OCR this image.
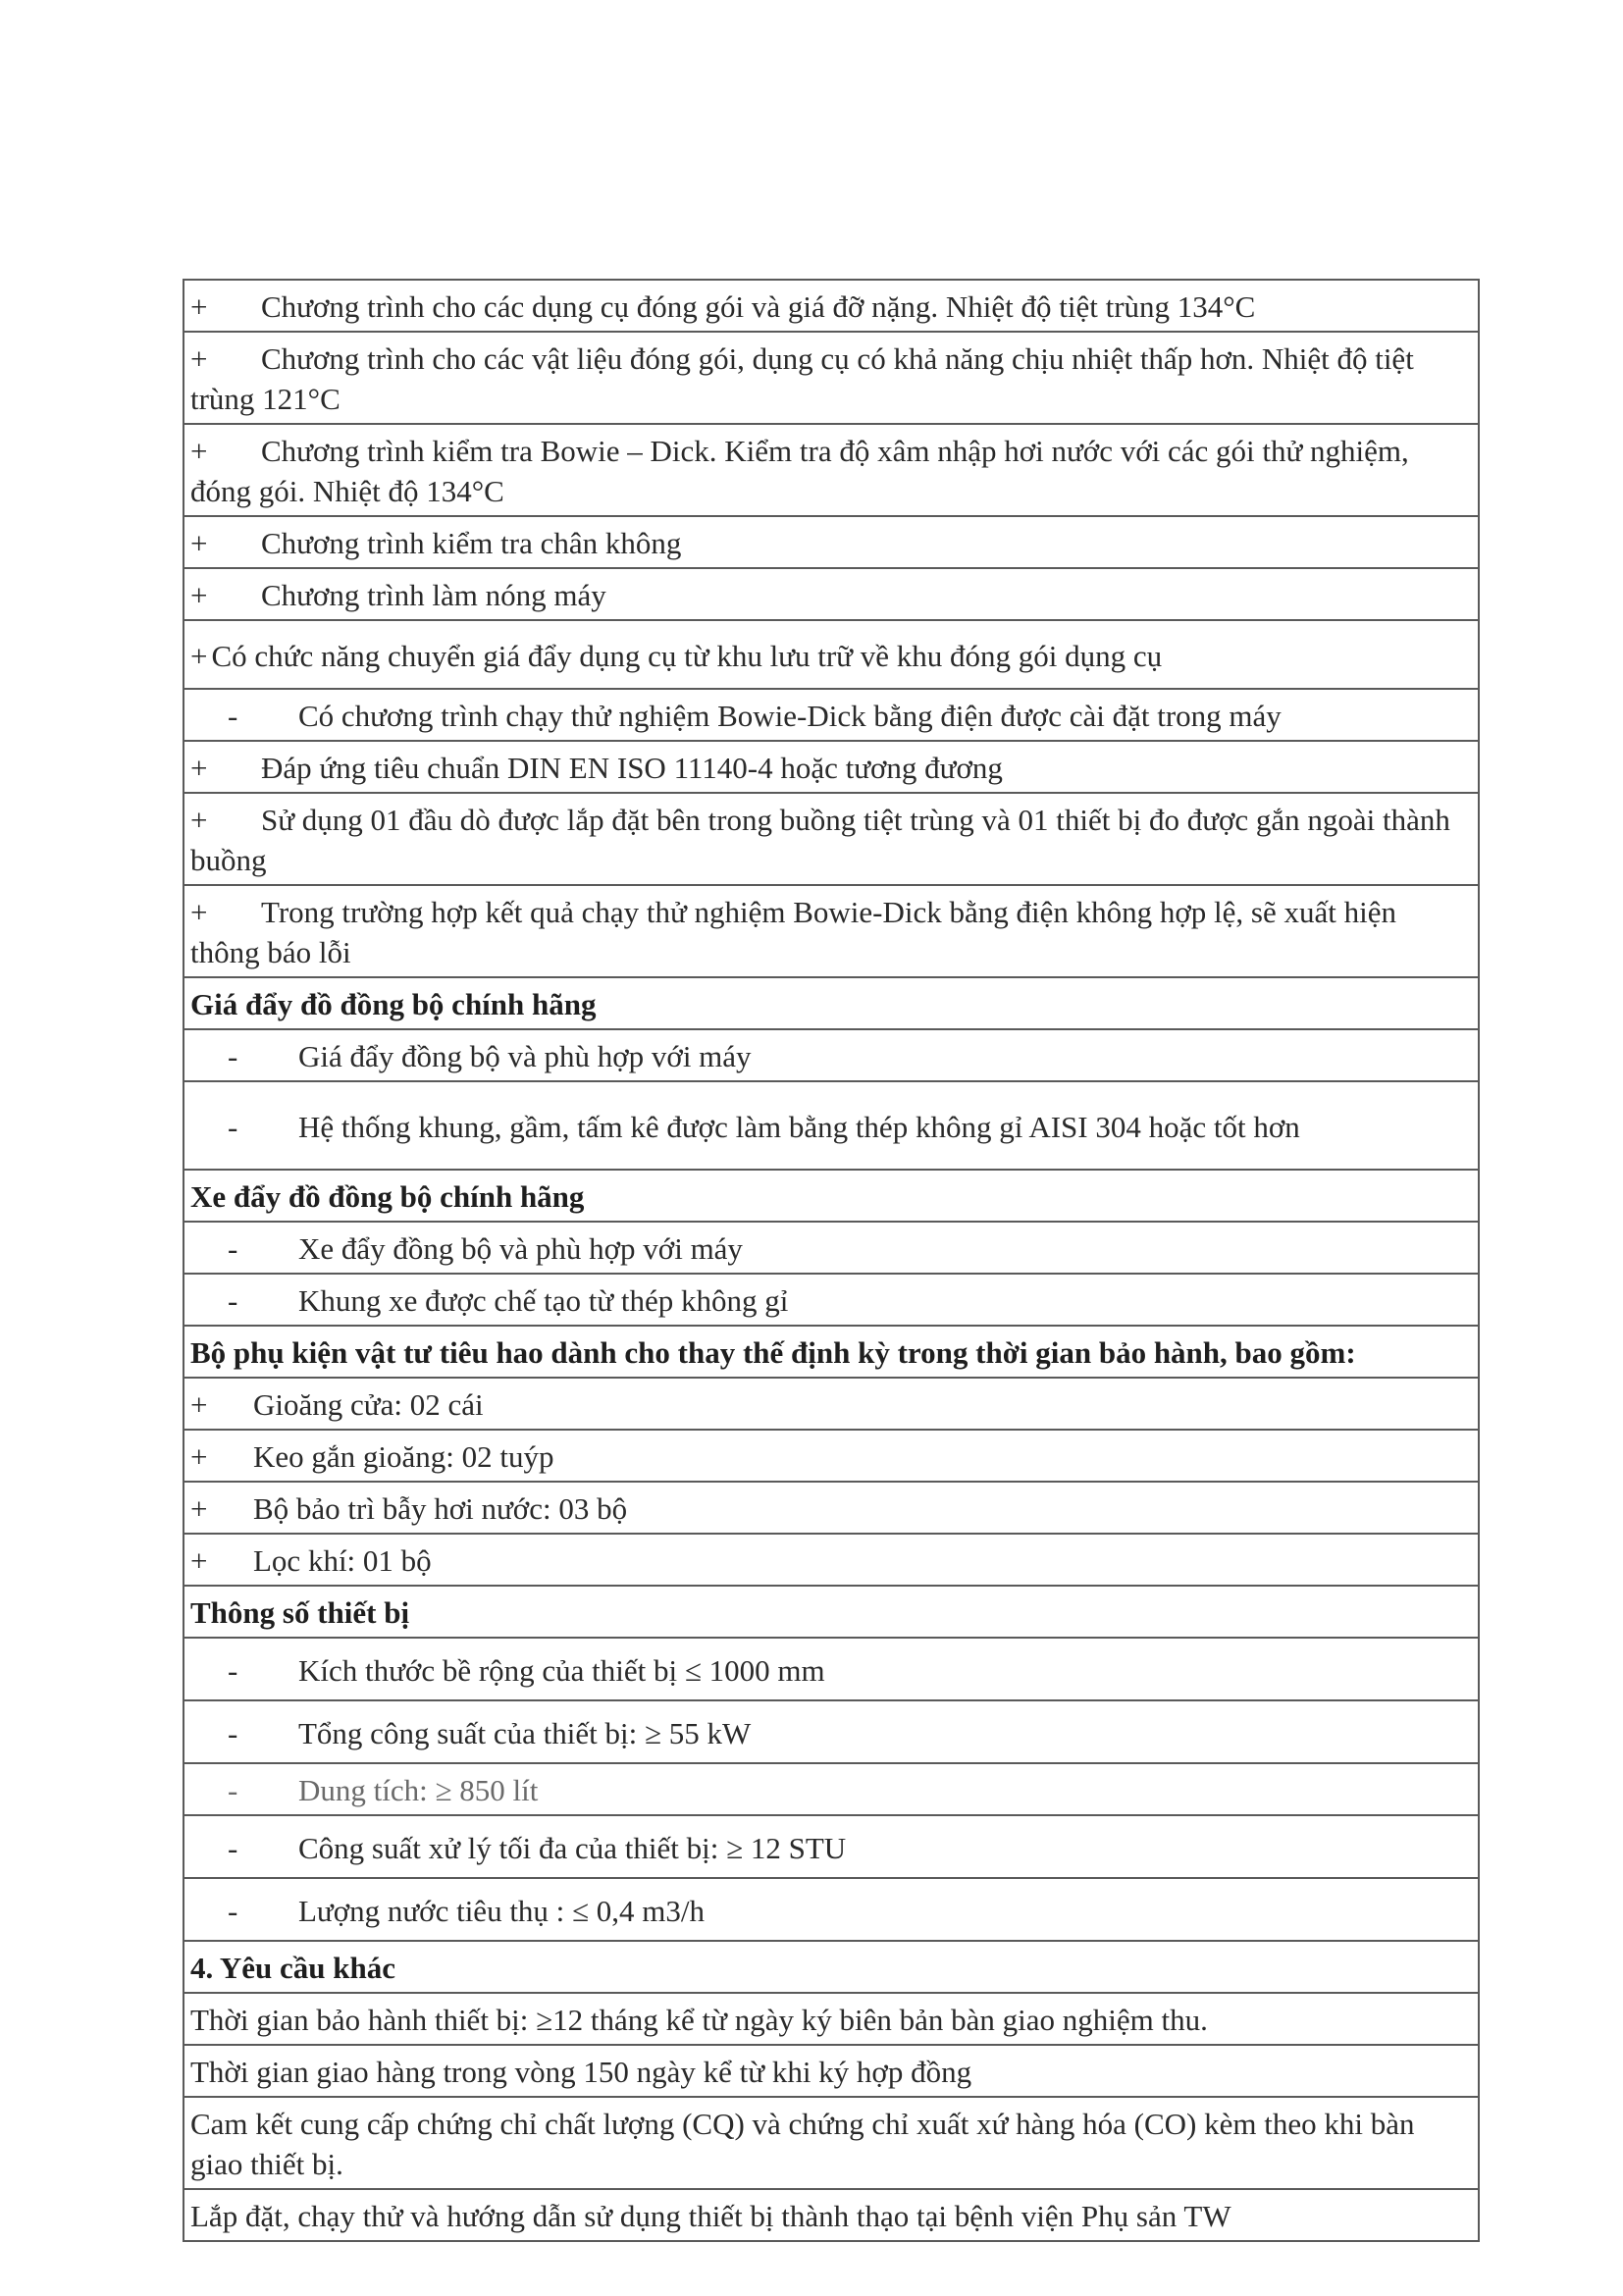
+ Chương trình cho các dụng cụ đóng gói và giá đỡ nặng. Nhiệt độ tiệt trùng 134°C
+ Chương trình cho các vật liệu đóng gói, dụng cụ có khả năng chịu nhiệt thấp hơn. Nhiệt độ tiệt trùng 121°C
+ Chương trình kiểm tra Bowie – Dick. Kiểm tra độ xâm nhập hơi nước với các gói thử nghiệm, đóng gói. Nhiệt độ 134°C
+ Chương trình kiểm tra chân không
+ Chương trình làm nóng máy
+ Có chức năng chuyển giá đẩy dụng cụ từ khu lưu trữ về khu đóng gói dụng cụ
- Có chương trình chạy thử nghiệm Bowie-Dick bằng điện được cài đặt trong máy
+ Đáp ứng tiêu chuẩn DIN EN ISO 11140-4 hoặc tương đương
+ Sử dụng 01 đầu dò được lắp đặt bên trong buồng tiệt trùng và 01 thiết bị đo được gắn ngoài thành buồng
+ Trong trường hợp kết quả chạy thử nghiệm Bowie-Dick bằng điện không hợp lệ, sẽ xuất hiện thông báo lỗi
Giá đẩy đồ đồng bộ chính hãng
- Giá đẩy đồng bộ và phù hợp với máy
- Hệ thống khung, gầm, tấm kê được làm bằng thép không gỉ AISI 304 hoặc tốt hơn
Xe đẩy đồ đồng bộ chính hãng
- Xe đẩy đồng bộ và phù hợp với máy
- Khung xe được chế tạo từ thép không gỉ
Bộ phụ kiện vật tư tiêu hao dành cho thay thế định kỳ trong thời gian bảo hành, bao gồm:
+ Gioăng cửa: 02 cái
+ Keo gắn gioăng: 02 tuýp
+ Bộ bảo trì bẫy hơi nước: 03 bộ
+ Lọc khí: 01 bộ
Thông số thiết bị
- Kích thước bề rộng của thiết bị ≤ 1000 mm
- Tổng công suất của thiết bị: ≥ 55 kW
- Dung tích: ≥ 850 lít
- Công suất xử lý tối đa của thiết bị: ≥ 12 STU
- Lượng nước tiêu thụ : ≤ 0,4 m3/h
4. Yêu cầu khác
Thời gian bảo hành thiết bị: ≥12 tháng kể từ ngày ký biên bản bàn giao nghiệm thu.
Thời gian giao hàng trong vòng 150 ngày kể từ khi ký hợp đồng
Cam kết cung cấp chứng chỉ chất lượng (CQ) và chứng chỉ xuất xứ hàng hóa (CO) kèm theo khi bàn giao thiết bị.
Lắp đặt, chạy thử và hướng dẫn sử dụng thiết bị thành thạo tại bệnh viện Phụ sản TW
